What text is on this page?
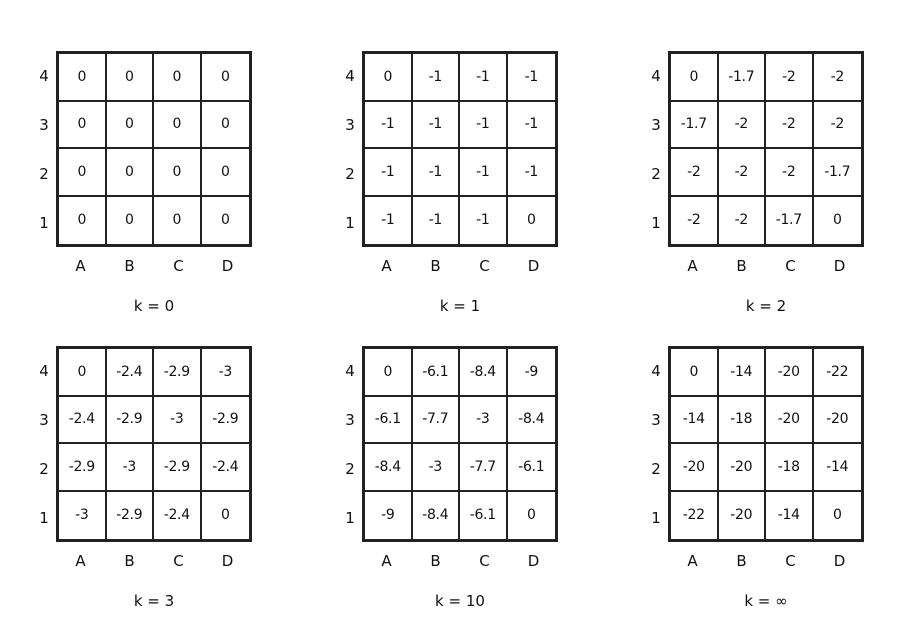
0	0	0	0
0	0	0	0
0	0	0	0
0	0	0	0
4
3
2
1
A	B	C	D
k = 0
0	-1	-1	-1
-1	-1	-1	-1
-1	-1	-1	-1
-1	-1	-1	0
4
3
2
1
A	B	C	D
k = 1
0	-1.7	-2	-2
-1.7	-2	-2	-2
-2	-2	-2	-1.7
-2	-2	-1.7	0
4
3
2
1
A	B	C	D
k = 2
0	-2.4	-2.9	-3
-2.4	-2.9	-3	-2.9
-2.9	-3	-2.9	-2.4
-3	-2.9	-2.4	0
4
3
2
1
A	B	C	D
k = 3
0	-6.1	-8.4	-9
-6.1	-7.7	-3	-8.4
-8.4	-3	-7.7	-6.1
-9	-8.4	-6.1	0
4
3
2
1
A	B	C	D
k = 10
0	-14	-20	-22
-14	-18	-20	-20
-20	-20	-18	-14
-22	-20	-14	0
4
3
2
1
A	B	C	D
k = ∞
